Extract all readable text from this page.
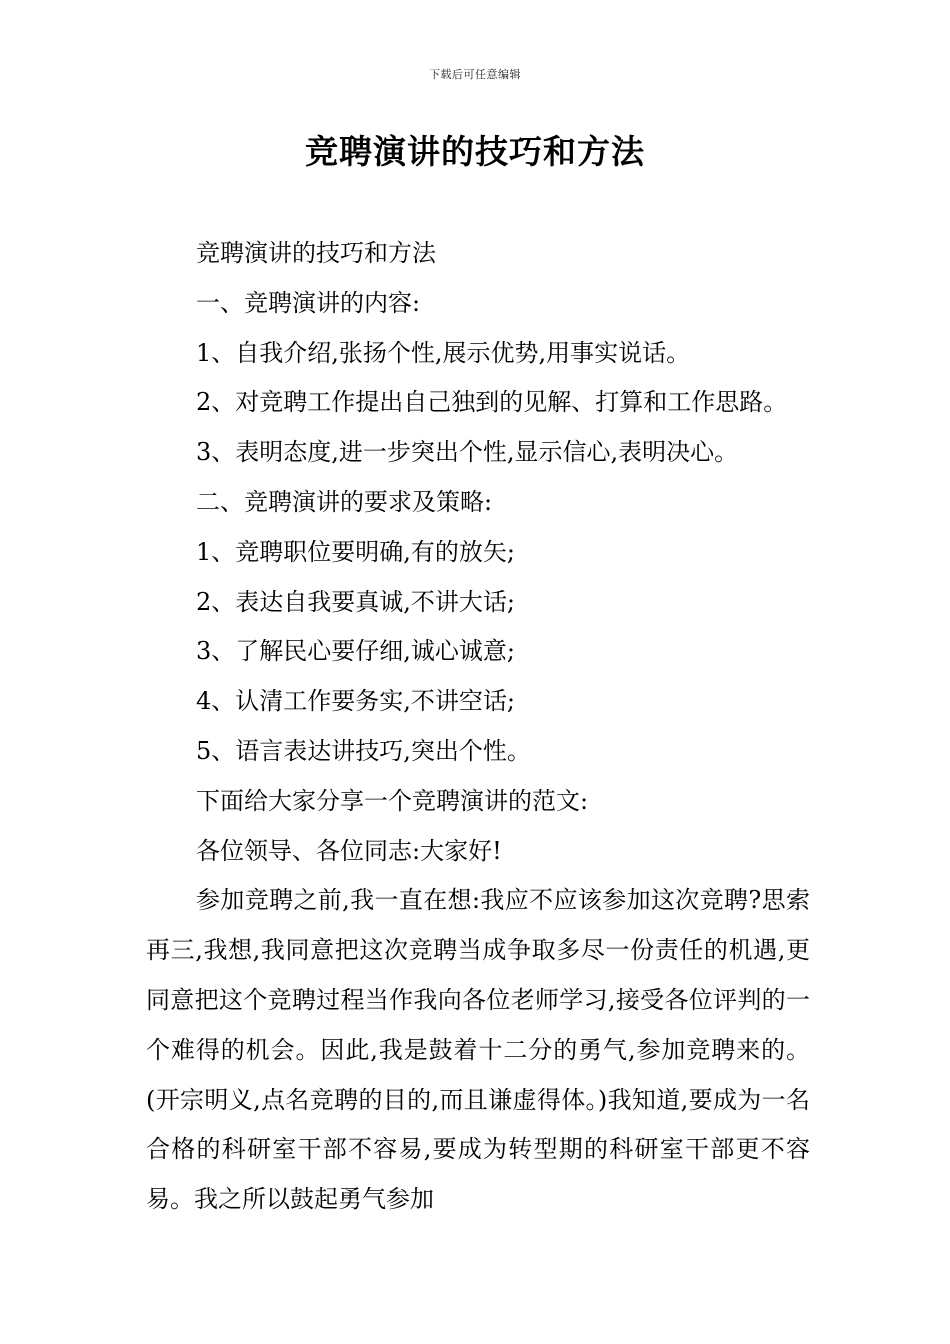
下载后可任意编辑
竞聘演讲的技巧和方法

竞聘演讲的技巧和方法

一、竞聘演讲的内容:

1、自我介绍,张扬个性,展示优势,用事实说话。

2、对竞聘工作提出自己独到的见解、打算和工作思路。

3、表明态度,进一步突出个性,显示信心,表明决心。

二、竞聘演讲的要求及策略:

1、竞聘职位要明确,有的放矢;

2、表达自我要真诚,不讲大话;

3、了解民心要仔细,诚心诚意;

4、认清工作要务实,不讲空话;

5、语言表达讲技巧,突出个性。

下面给大家分享一个竞聘演讲的范文:

各位领导、各位同志:大家好!

参加竞聘之前,我一直在想:我应不应该参加这次竞聘?思索再三,我想,我同意把这次竞聘当成争取多尽一份责任的机遇,更同意把这个竞聘过程当作我向各位老师学习,接受各位评判的一个难得的机会。因此,我是鼓着十二分的勇气,参加竞聘来的。(开宗明义,点名竞聘的目的,而且谦虚得体。)我知道,要成为一名合格的科研室干部不容易,要成为转型期的科研室干部更不容易。我之所以鼓起勇气参加
